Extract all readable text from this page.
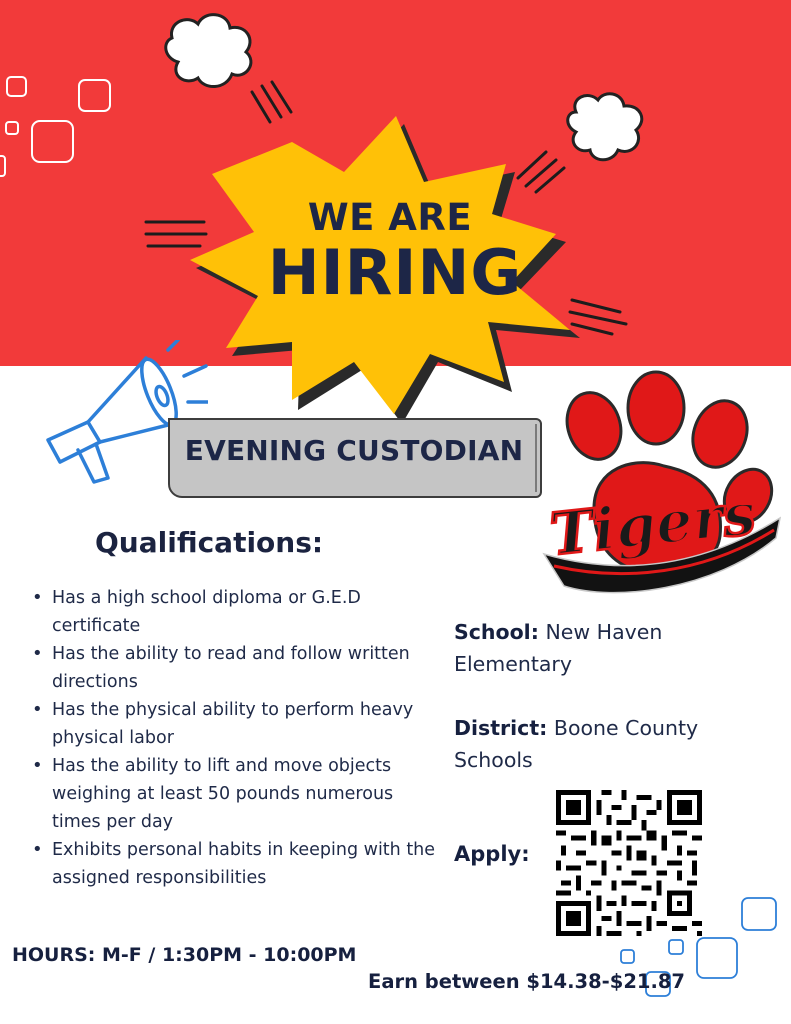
WE ARE
HIRING
EVENING CUSTODIAN
Tigers
Qualifications:
• Has a high school diploma or G.E.D certificate
• Has the ability to read and follow written directions
• Has the physical ability to perform heavy physical labor
• Has the ability to lift and move objects weighing at least 50 pounds numerous times per day
• Exhibits personal habits in keeping with the assigned responsibilities
School: New Haven Elementary
District: Boone County Schools
Apply:
HOURS: M-F / 1:30PM - 10:00PM
Earn between $14.38-$21.87
